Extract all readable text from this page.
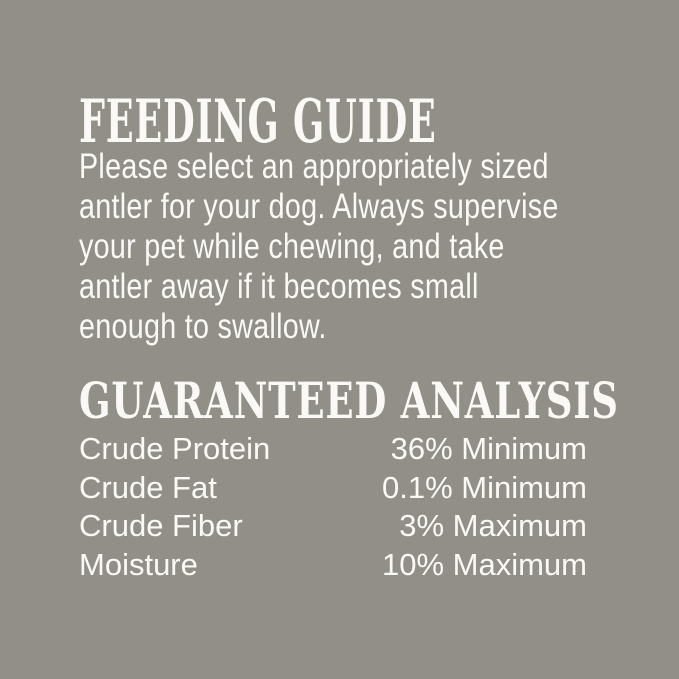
FEEDING GUIDE
Please select an appropriately sized
antler for your dog. Always supervise
your pet while chewing, and take
antler away if it becomes small
enough to swallow.
GUARANTEED ANALYSIS
Crude Protein	36% Minimum
Crude Fat	0.1% Minimum
Crude Fiber	3% Maximum
Moisture	10% Maximum
